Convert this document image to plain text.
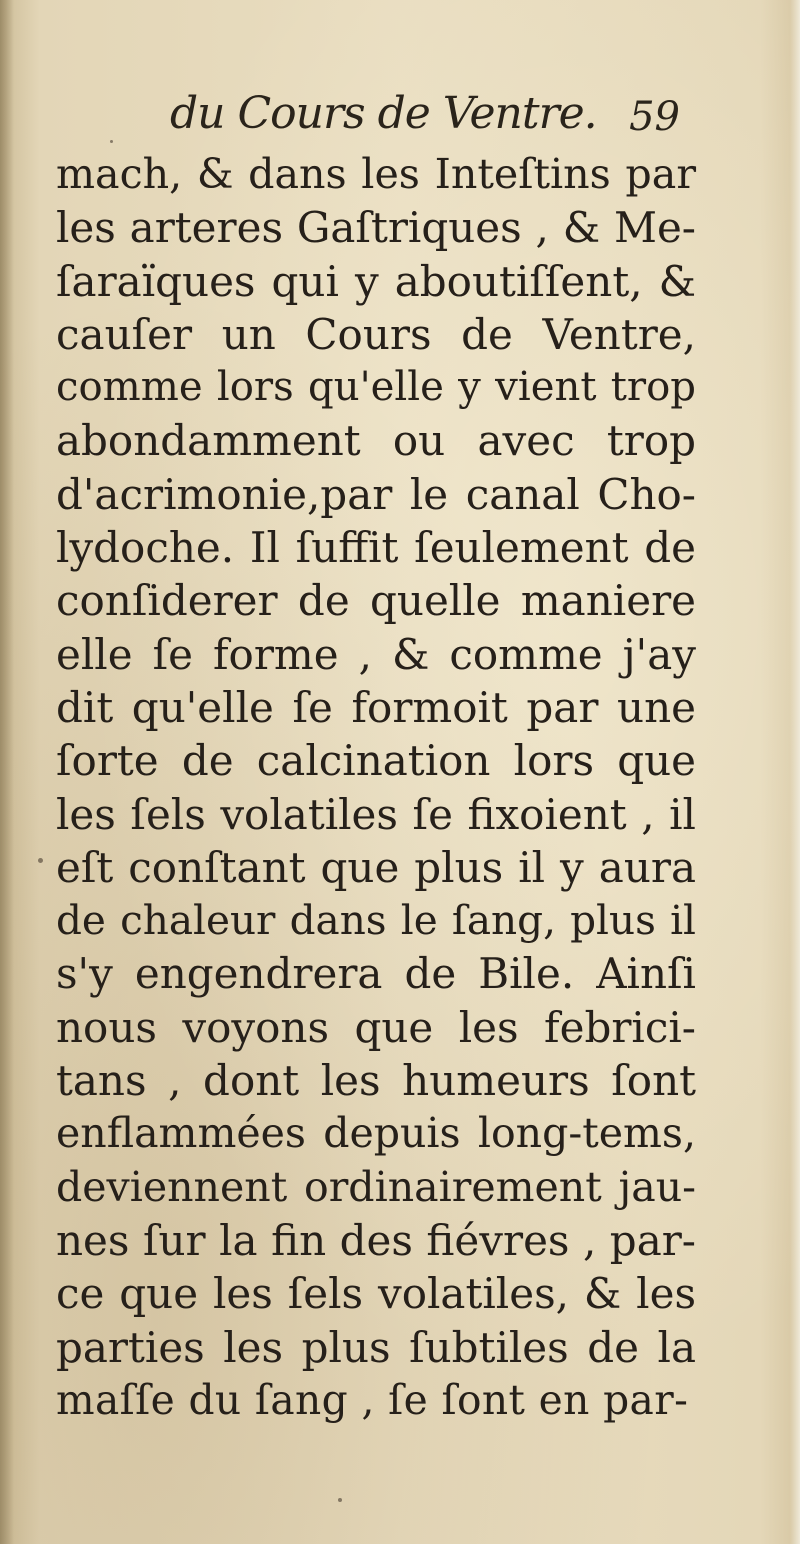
du Cours de Ventre. 59
mach, & dans les Inteſtins par
les arteres Gaſtriques , & Me-
ſaraïques qui y aboutiſſent, &
cauſer un Cours de Ventre,
comme lors qu'elle y vient trop
abondamment ou avec trop
d'acrimonie,par le canal Cho-
lydoche. Il ſuffit ſeulement de
conſiderer de quelle maniere
elle ſe forme , & comme j'ay
dit qu'elle ſe formoit par une
ſorte de calcination lors que
les ſels volatiles ſe fixoient , il
eſt conſtant que plus il y aura
de chaleur dans le ſang, plus il
s'y engendrera de Bile. Ainſi
nous voyons que les febrici-
tans , dont les humeurs ſont
enflammées depuis long-tems,
deviennent ordinairement jau-
nes ſur la fin des fiévres , par-
ce que les ſels volatiles, & les
parties les plus ſubtiles de la
maſſe du ſang , ſe ſont en par-
